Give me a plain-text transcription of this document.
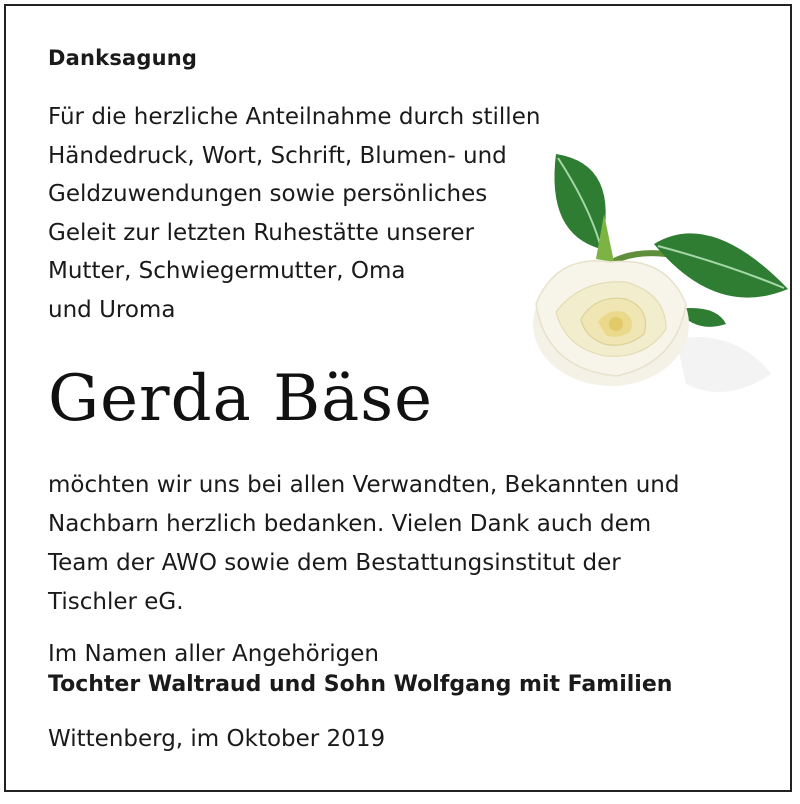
Danksagung
Für die herzliche Anteilnahme durch stillen
Händedruck, Wort, Schrift, Blumen- und
Geldzuwendungen sowie persönliches
Geleit zur letzten Ruhestätte unserer
Mutter, Schwiegermutter, Oma
und Uroma
Gerda Bäse
möchten wir uns bei allen Verwandten, Bekannten und
Nachbarn herzlich bedanken. Vielen Dank auch dem
Team der AWO sowie dem Bestattungsinstitut der
Tischler eG.
Im Namen aller Angehörigen
Tochter Waltraud und Sohn Wolfgang mit Familien
Wittenberg, im Oktober 2019
